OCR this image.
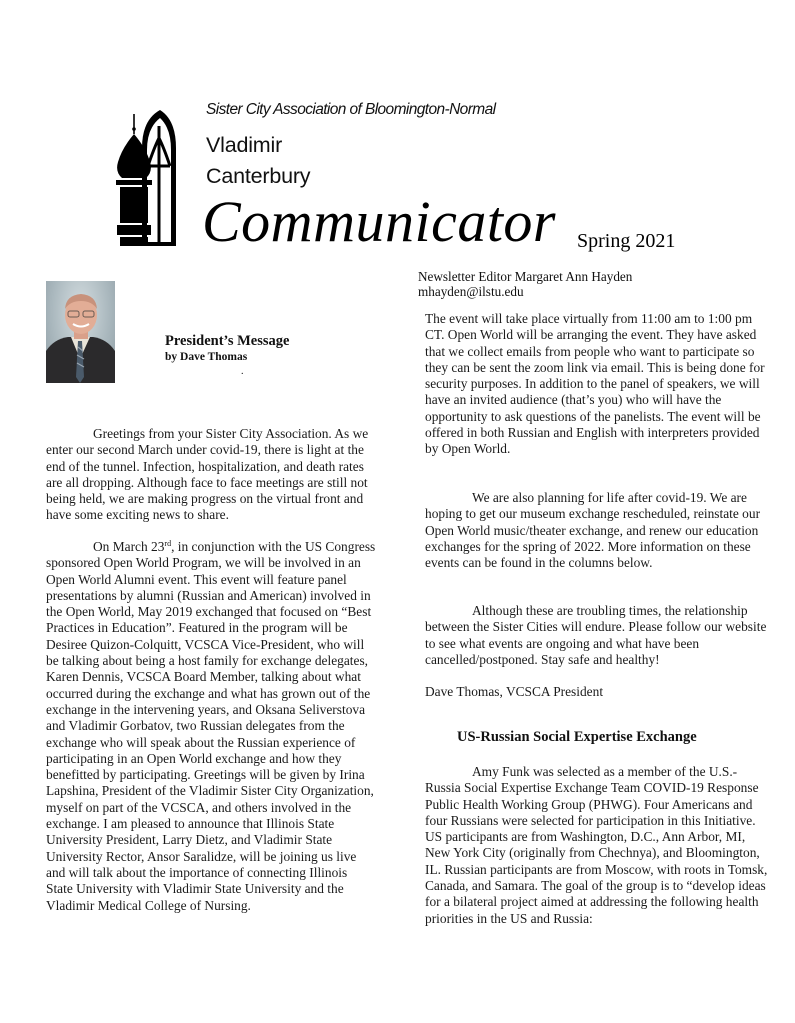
Sister City Association of Bloomington-Normal
Vladimir
Canterbury
Communicator Spring 2021
Newsletter Editor Margaret Ann Hayden
mhayden@ilstu.edu
President’s Message
by Dave Thomas
.

Greetings from your Sister City Association. As we enter our second March under covid-19, there is light at the end of the tunnel. Infection, hospitalization, and death rates are all dropping. Although face to face meetings are still not being held, we are making progress on the virtual front and have some exciting news to share.

On March 23rd, in conjunction with the US Congress sponsored Open World Program, we will be involved in an Open World Alumni event. This event will feature panel presentations by alumni (Russian and American) involved in the Open World, May 2019 exchanged that focused on “Best Practices in Education”. Featured in the program will be Desiree Quizon-Colquitt, VCSCA Vice-President, who will be talking about being a host family for exchange delegates, Karen Dennis, VCSCA Board Member, talking about what occurred during the exchange and what has grown out of the exchange in the intervening years, and Oksana Seliverstova and Vladimir Gorbatov, two Russian delegates from the exchange who will speak about the Russian experience of participating in an Open World exchange and how they benefitted by participating. Greetings will be given by Irina Lapshina, President of the Vladimir Sister City Organization, myself on part of the VCSCA, and others involved in the exchange. I am pleased to announce that Illinois State University President, Larry Dietz, and Vladimir State University Rector, Ansor Saralidze, will be joining us live and will talk about the importance of connecting Illinois State University with Vladimir State University and the Vladimir Medical College of Nursing.

The event will take place virtually from 11:00 am to 1:00 pm CT. Open World will be arranging the event. They have asked that we collect emails from people who want to participate so they can be sent the zoom link via email. This is being done for security purposes. In addition to the panel of speakers, we will have an invited audience (that’s you) who will have the opportunity to ask questions of the panelists. The event will be offered in both Russian and English with interpreters provided by Open World.

We are also planning for life after covid-19. We are hoping to get our museum exchange rescheduled, reinstate our Open World music/theater exchange, and renew our education exchanges for the spring of 2022. More information on these events can be found in the columns below.

Although these are troubling times, the relationship between the Sister Cities will endure. Please follow our website to see what events are ongoing and what have been cancelled/postponed. Stay safe and healthy!

Dave Thomas, VCSCA President

US-Russian Social Expertise Exchange

Amy Funk was selected as a member of the U.S.-Russia Social Expertise Exchange Team COVID-19 Response Public Health Working Group (PHWG). Four Americans and four Russians were selected for participation in this Initiative. US participants are from Washington, D.C., Ann Arbor, MI, New York City (originally from Chechnya), and Bloomington, IL. Russian participants are from Moscow, with roots in Tomsk, Canada, and Samara. The goal of the group is to “develop ideas for a bilateral project aimed at addressing the following health priorities in the US and Russia:
